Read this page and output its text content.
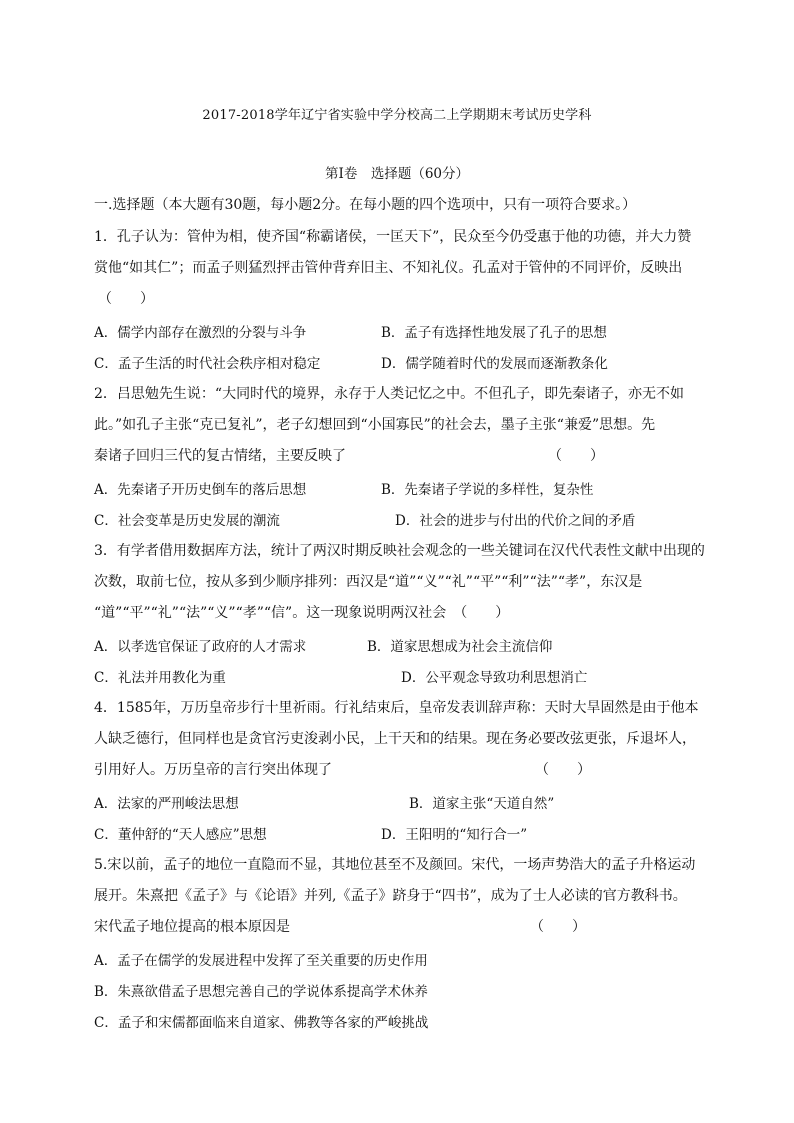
2017-2018学年辽宁省实验中学分校高二上学期期末考试历史学科
第Ⅰ卷　选择题（60分）
一.选择题（本大题有30题，每小题2分。在每小题的四个选项中，只有一项符合要求。）
1．孔子认为：管仲为相，使齐国“称霸诸侯，一匡天下”，民众至今仍受惠于他的功德，并大力赞
赏他“如其仁”；而孟子则猛烈抨击管仲背弃旧主、不知礼仪。孔孟对于管仲的不同评价，反映出
（　　）
A．儒学内部存在激烈的分裂与斗争	B．孟子有选择性地发展了孔子的思想
C．孟子生活的时代社会秩序相对稳定	D．儒学随着时代的发展而逐渐教条化
2．吕思勉先生说：“大同时代的境界，永存于人类记忆之中。不但孔子，即先秦诸子，亦无不如
此。”如孔子主张“克已复礼”，老子幻想回到“小国寡民”的社会去，墨子主张“兼爱”思想。先
秦诸子回归三代的复古情绪，主要反映了	（　　）
A．先秦诸子开历史倒车的落后思想	B．先秦诸子学说的多样性，复杂性
C．社会变革是历史发展的潮流	D．社会的进步与付出的代价之间的矛盾
3．有学者借用数据库方法，统计了两汉时期反映社会观念的一些关键词在汉代代表性文献中出现的
次数，取前七位，按从多到少顺序排列：西汉是“道”“义”“礼”“平”“利”“法”“孝”，东汉是
“道”“平”“礼”“法”“义”“孝”“信”。这一现象说明两汉社会　（　　）
A．以孝选官保证了政府的人才需求	B．道家思想成为社会主流信仰
C．礼法并用教化为重	D．公平观念导致功利思想消亡
4．1585年，万历皇帝步行十里祈雨。行礼结束后，皇帝发表训辞声称：天时大旱固然是由于他本
人缺乏德行，但同样也是贪官污吏浚剥小民，上干天和的结果。现在务必要改弦更张，斥退坏人，
引用好人。万历皇帝的言行突出体现了	（　　）
A．法家的严刑峻法思想	B．道家主张“天道自然”
C．董仲舒的“天人感应”思想	D．王阳明的“知行合一”
5.宋以前，孟子的地位一直隐而不显，其地位甚至不及颜回。宋代，一场声势浩大的孟子升格运动
展开。朱熹把《孟子》与《论语》并列,《孟子》跻身于“四书”，成为了士人必读的官方教科书。
宋代孟子地位提高的根本原因是	（　　）
A．孟子在儒学的发展进程中发挥了至关重要的历史作用
B．朱熹欲借孟子思想完善自己的学说体系提高学术休养
C．孟子和宋儒都面临来自道家、佛教等各家的严峻挑战
